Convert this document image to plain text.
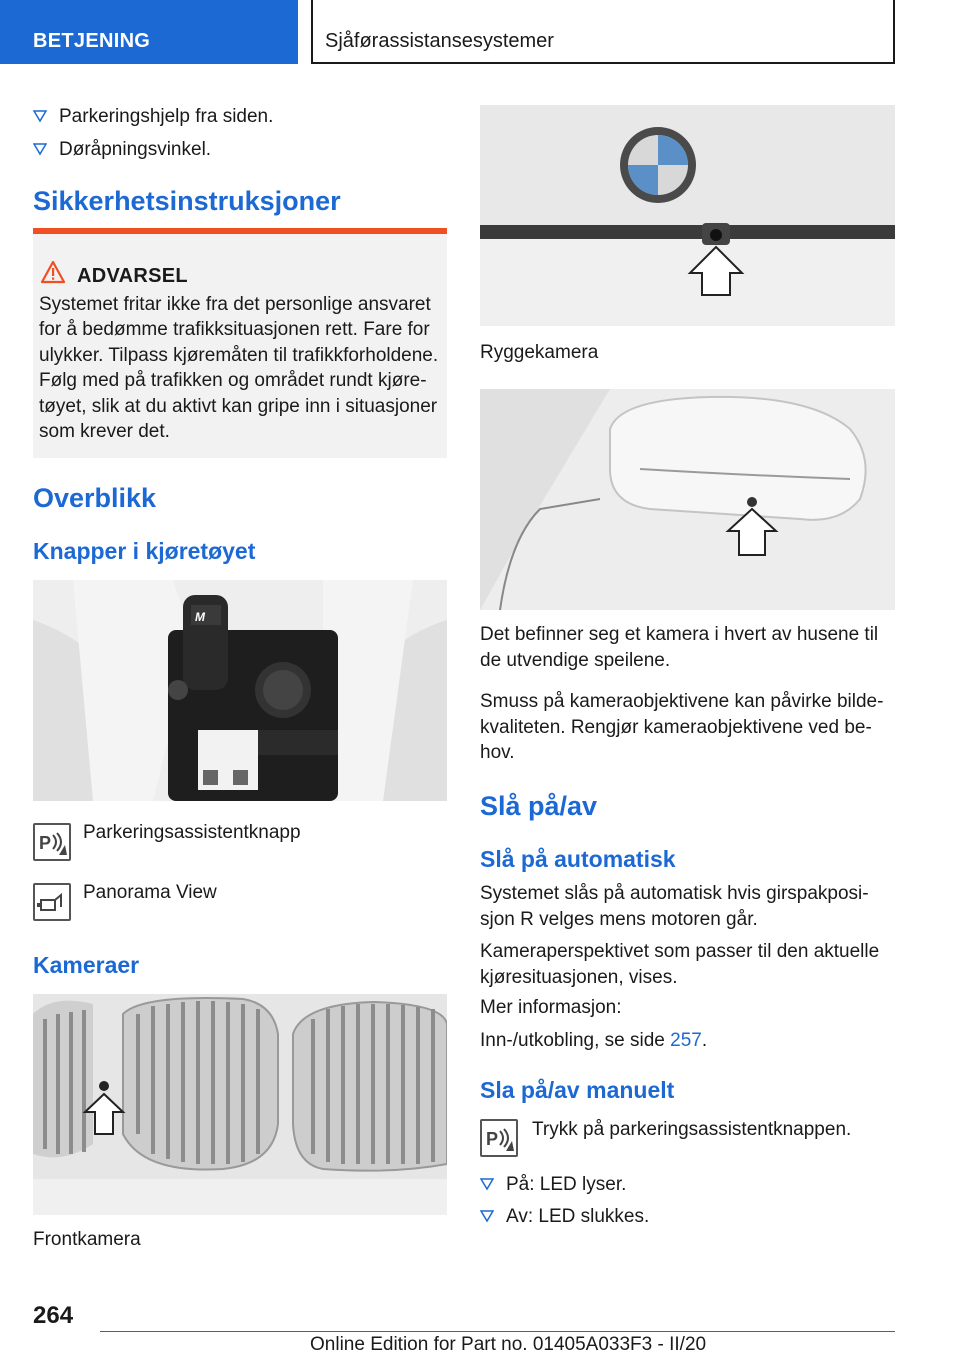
BETJENING	Sjåførassistansesystemer
Parkeringshjelp fra siden.
Døråpningsvinkel.
Sikkerhetsinstruksjoner
ADVARSEL
Systemet fritar ikke fra det personlige ansvaret
for å bedømme trafikksituasjonen rett. Fare for
ulykker. Tilpass kjøremåten til trafikkforholdene.
Følg med på trafikken og området rundt kjøre-
tøyet, slik at du aktivt kan gripe inn i situasjoner
som krever det.
Overblikk
Knapper i kjøretøyet
M
P Parkeringsassistentknapp
Panorama View
Kameraer
Frontkamera
Ryggekamera
Det befinner seg et kamera i hvert av husene til
de utvendige speilene.
Smuss på kameraobjektivene kan påvirke bilde-
kvaliteten. Rengjør kameraobjektivene ved be-
hov.
Slå på/av
Slå på automatisk
Systemet slås på automatisk hvis girspakposi-
sjon R velges mens motoren går.
Kameraperspektivet som passer til den aktuelle
kjøresituasjonen, vises.
Mer informasjon:
Inn-/utkobling, se side 257.
Sla på/av manuelt
P Trykk på parkeringsassistentknappen.
På: LED lyser.
Av: LED slukkes.
264
Online Edition for Part no. 01405A033F3 - II/20
